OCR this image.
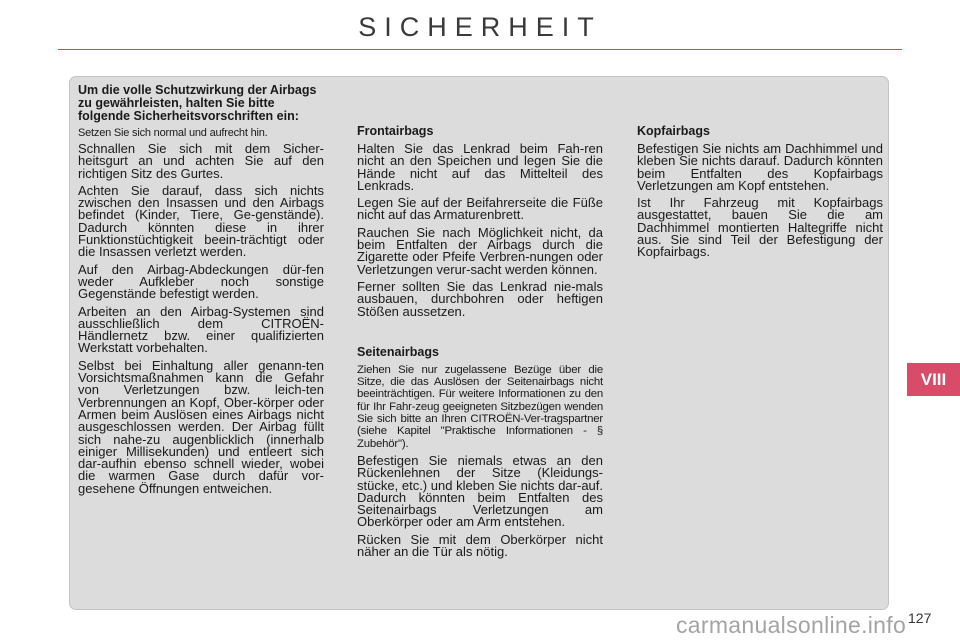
SICHERHEIT
Um die volle Schutzwirkung der Airbags zu gewährleisten, halten Sie bitte folgende Sicherheitsvorschriften ein:
Setzen Sie sich normal und aufrecht hin.

Schnallen Sie sich mit dem Sicher-heitsgurt an und achten Sie auf den richtigen Sitz des Gurtes.

Achten Sie darauf, dass sich nichts zwischen den Insassen und den Airbags befindet (Kinder, Tiere, Ge-genstände). Dadurch könnten diese in ihrer Funktionstüchtigkeit beein-trächtigt oder die Insassen verletzt werden.

Auf den Airbag-Abdeckungen dür-fen weder Aufkleber noch sonstige Gegenstände befestigt werden.

Arbeiten an den Airbag-Systemen sind ausschließlich dem CITROËN-Händlernetz bzw. einer qualifizierten Werkstatt vorbehalten.

Selbst bei Einhaltung aller genann-ten Vorsichtsmaßnahmen kann die Gefahr von Verletzungen bzw. leich-ten Verbrennungen an Kopf, Ober-körper oder Armen beim Auslösen eines Airbags nicht ausgeschlossen werden. Der Airbag füllt sich nahe-zu augenblicklich (innerhalb einiger Millisekunden) und entleert sich dar-aufhin ebenso schnell wieder, wobei die warmen Gase durch dafür vor-gesehene Öffnungen entweichen.

Frontairbags

Halten Sie das Lenkrad beim Fah-ren nicht an den Speichen und legen Sie die Hände nicht auf das Mittelteil des Lenkrads.

Legen Sie auf der Beifahrerseite die Füße nicht auf das Armaturenbrett.

Rauchen Sie nach Möglichkeit nicht, da beim Entfalten der Airbags durch die Zigarette oder Pfeife Verbren-nungen oder Verletzungen verur-sacht werden können.

Ferner sollten Sie das Lenkrad nie-mals ausbauen, durchbohren oder heftigen Stößen aussetzen.

Seitenairbags

Ziehen Sie nur zugelassene Bezüge über die Sitze, die das Auslösen der Seitenairbags nicht beeinträchtigen. Für weitere Informationen zu den für Ihr Fahr-zeug geeigneten Sitzbezügen wenden Sie sich bitte an Ihren CITROËN-Ver-tragspartner (siehe Kapitel "Praktische Informationen - § Zubehör").

Befestigen Sie niemals etwas an den Rückenlehnen der Sitze (Kleidungs-stücke, etc.) und kleben Sie nichts dar-auf. Dadurch könnten beim Entfalten des Seitenairbags Verletzungen am Oberkörper oder am Arm entstehen.

Rücken Sie mit dem Oberkörper nicht näher an die Tür als nötig.

Kopfairbags

Befestigen Sie nichts am Dachhimmel und kleben Sie nichts darauf. Dadurch könnten beim Entfalten des Kopfairbags Verletzungen am Kopf entstehen.

Ist Ihr Fahrzeug mit Kopfairbags ausgestattet, bauen Sie die am Dachhimmel montierten Haltegriffe nicht aus. Sie sind Teil der Befestigung der Kopfairbags.

VIII
carmanualsonline.info 127
